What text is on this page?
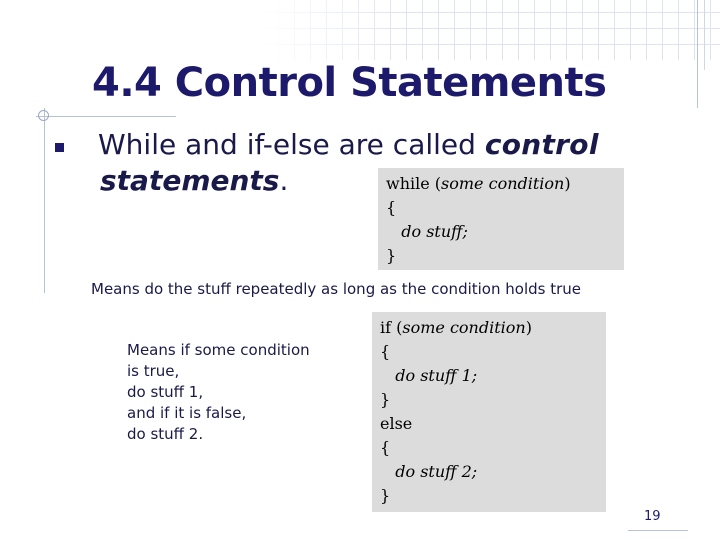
4.4 Control Statements
While and if-else are called control
statements.	while (some condition)
{
do stuff;
}
Means do the stuff repeatedly as long as the condition holds true
Means if some condition
is true,
do stuff 1,
and if it is false,
do stuff 2.
if (some condition)
{
do stuff 1;
}
else
{
do stuff 2;
}
19
